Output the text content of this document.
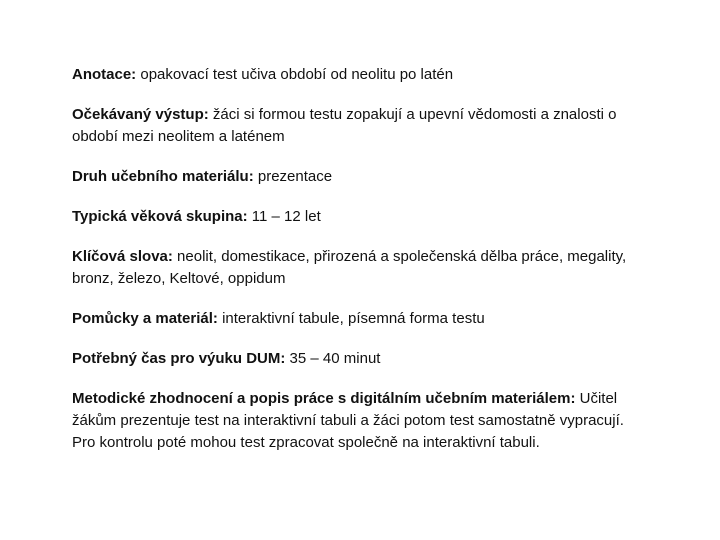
Anotace: opakovací test učiva období od neolitu po latén

Očekávaný výstup: žáci si formou testu zopakují a upevní vědomosti a znalosti o období mezi neolitem a laténem

Druh učebního materiálu: prezentace

Typická věková skupina: 11 – 12 let

Klíčová slova: neolit, domestikace, přirozená a společenská dělba práce, megality, bronz, železo, Keltové, oppidum

Pomůcky a materiál: interaktivní tabule, písemná forma testu

Potřebný čas pro výuku DUM: 35 – 40 minut

Metodické zhodnocení a popis práce s digitálním učebním materiálem: Učitel žákům prezentuje test na interaktivní tabuli a žáci potom test samostatně vypracují. Pro kontrolu poté mohou test zpracovat společně na interaktivní tabuli.
